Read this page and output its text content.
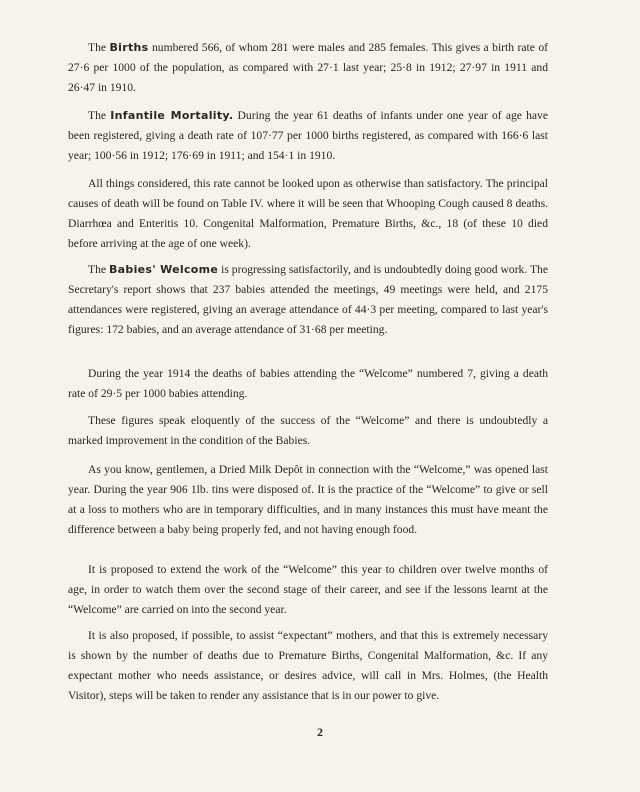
The Births numbered 566, of whom 281 were males and 285 females. This gives a birth rate of 27·6 per 1000 of the population, as compared with 27·1 last year; 25·8 in 1912; 27·97 in 1911 and 26·47 in 1910.

The Infantile Mortality. During the year 61 deaths of infants under one year of age have been registered, giving a death rate of 107·77 per 1000 births registered, as compared with 166·6 last year; 100·56 in 1912; 176·69 in 1911; and 154·1 in 1910.

All things considered, this rate cannot be looked upon as otherwise than satisfactory. The principal causes of death will be found on Table IV. where it will be seen that Whooping Cough caused 8 deaths. Diarrhœa and Enteritis 10. Congenital Malformation, Premature Births, &c., 18 (of these 10 died before arriving at the age of one week).

The Babies' Welcome is progressing satisfactorily, and is undoubtedly doing good work. The Secretary's report shows that 237 babies attended the meetings, 49 meetings were held, and 2175 attendances were registered, giving an average attendance of 44·3 per meeting, compared to last year's figures: 172 babies, and an average attendance of 31·68 per meeting.

During the year 1914 the deaths of babies attending the “Welcome” numbered 7, giving a death rate of 29·5 per 1000 babies attending.

These figures speak eloquently of the success of the “Welcome” and there is undoubtedly a marked improvement in the condition of the Babies.

As you know, gentlemen, a Dried Milk Depôt in connection with the “Welcome,” was opened last year. During the year 906 1lb. tins were disposed of. It is the practice of the “Welcome” to give or sell at a loss to mothers who are in temporary difficulties, and in many instances this must have meant the difference between a baby being properly fed, and not having enough food.

It is proposed to extend the work of the “Welcome” this year to children over twelve months of age, in order to watch them over the second stage of their career, and see if the lessons learnt at the “Welcome” are carried on into the second year.

It is also proposed, if possible, to assist “expectant” mothers, and that this is extremely necessary is shown by the number of deaths due to Premature Births, Congenital Malformation, &c. If any expectant mother who needs assistance, or desires advice, will call in Mrs. Holmes, (the Health Visitor), steps will be taken to render any assistance that is in our power to give.

2
